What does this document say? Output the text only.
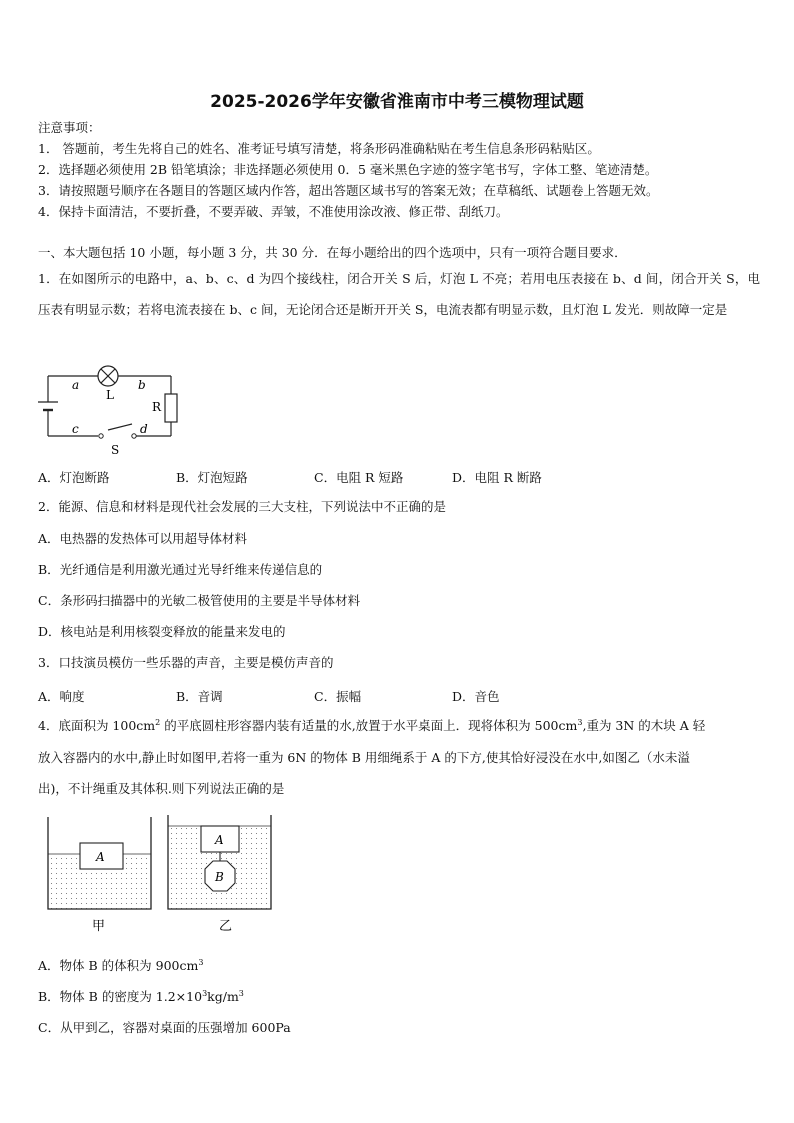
2025-2026学年安徽省淮南市中考三模物理试题
注意事项：
1． 答题前，考生先将自己的姓名、准考证号填写清楚，将条形码准确粘贴在考生信息条形码粘贴区。
2．选择题必须使用 2B 铅笔填涂；非选择题必须使用 0．5 毫米黑色字迹的签字笔书写，字体工整、笔迹清楚。
3．请按照题号顺序在各题目的答题区域内作答，超出答题区域书写的答案无效；在草稿纸、试题卷上答题无效。
4．保持卡面清洁，不要折叠，不要弄破、弄皱，不准使用涂改液、修正带、刮纸刀。
一、本大题包括 10 小题，每小题 3 分，共 30 分．在每小题给出的四个选项中，只有一项符合题目要求．
1．在如图所示的电路中，a、b、c、d 为四个接线柱，闭合开关 S 后，灯泡 L 不亮；若用电压表接在 b、d 间，闭合开关 S，电压表有明显示数；若将电流表接在 b、c 间，无论闭合还是断开开关 S，电流表都有明显示数，且灯泡 L 发光．则故障一定是
a	b
c	d
L
R
S
A．灯泡断路	B．灯泡短路	C．电阻 R 短路	D．电阻 R 断路
2．能源、信息和材料是现代社会发展的三大支柱，下列说法中不正确的是
A．电热器的发热体可以用超导体材料
B．光纤通信是利用激光通过光导纤维来传递信息的
C．条形码扫描器中的光敏二极管使用的主要是半导体材料
D．核电站是利用核裂变释放的能量来发电的
3．口技演员模仿一些乐器的声音，主要是模仿声音的
A．响度	B．音调	C．振幅	D．音色
4．底面积为 $100cm^2$ 的平底圆柱形容器内装有适量的水,放置于水平桌面上．现将体积为 $500cm^3$,重为 3N 的木块 A 轻
放入容器内的水中,静止时如图甲,若将一重为 6N 的物体 B 用细绳系于 A 的下方,使其恰好浸没在水中,如图乙（水未溢
出)，不计绳重及其体积.则下列说法正确的是
A
甲
A
B
乙
A．物体 B 的体积为 $900cm^3$
B．物体 B 的密度为 $1.2\times 10^3kg/m^3$
C．从甲到乙，容器对桌面的压强增加 600Pa
